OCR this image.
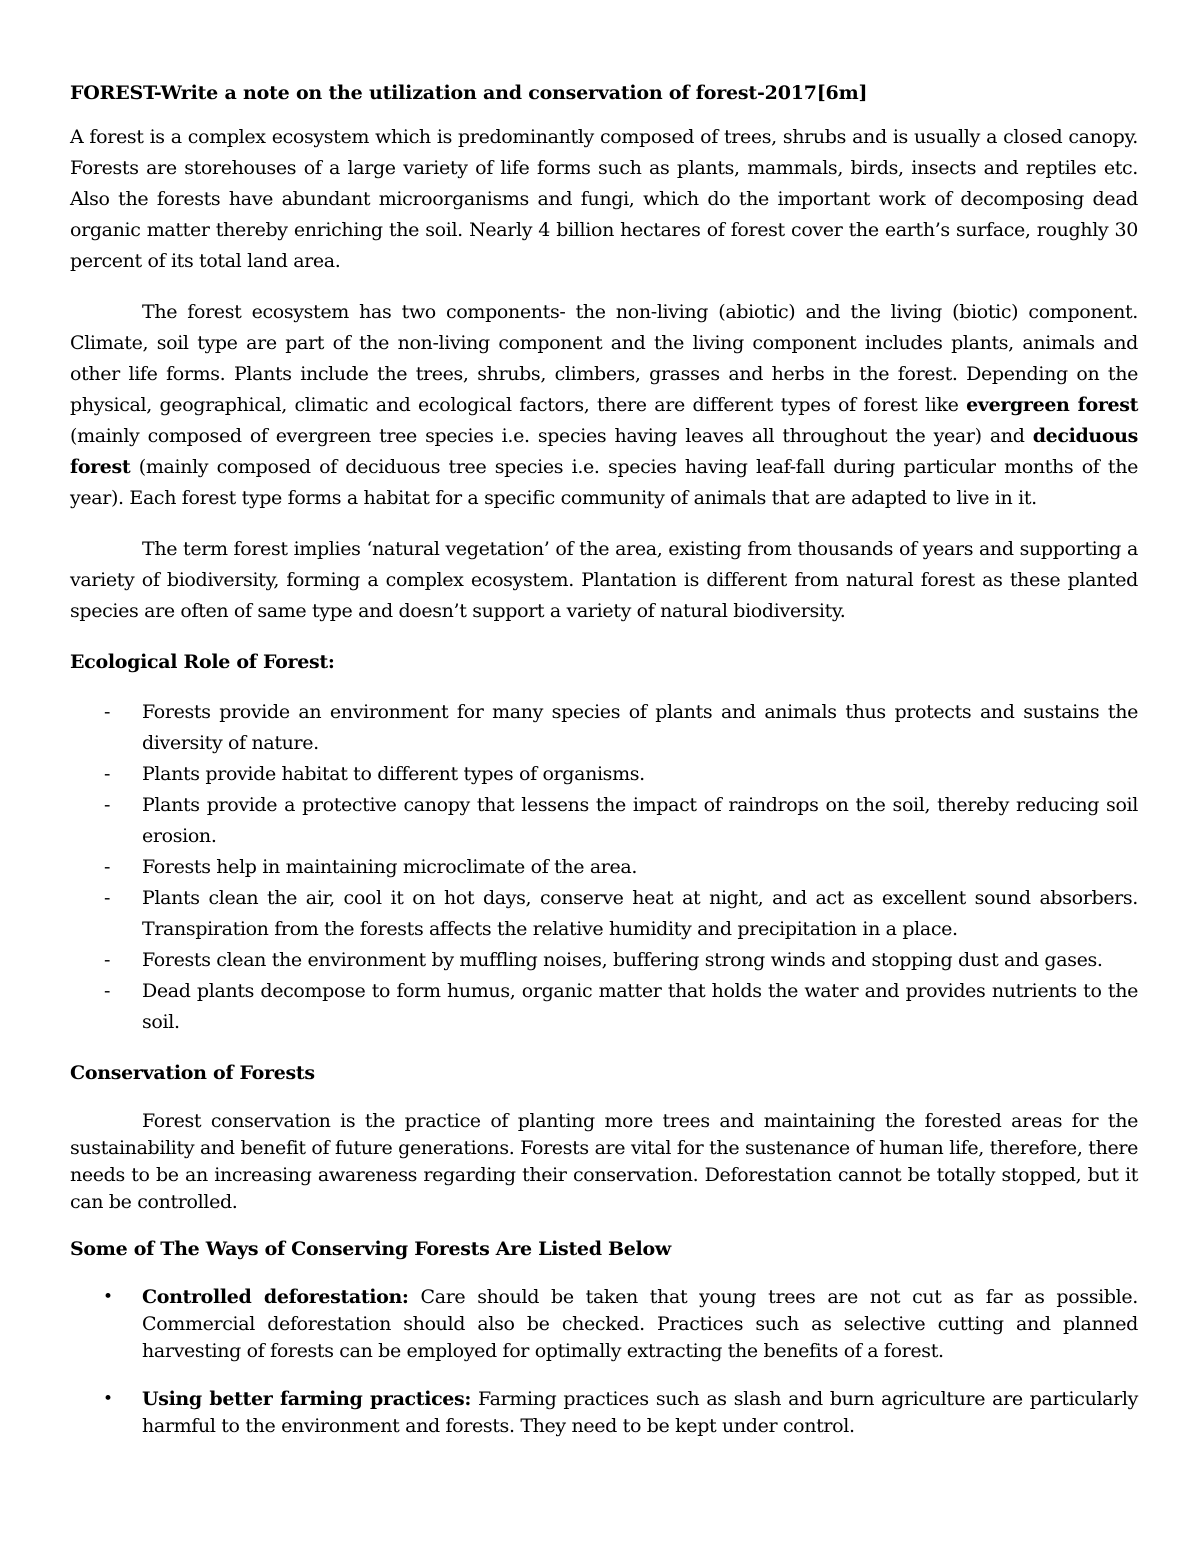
FOREST-Write a note on the utilization and conservation of forest-2017[6m]

A forest is a complex ecosystem which is predominantly composed of trees, shrubs and is usually a closed canopy. Forests are storehouses of a large variety of life forms such as plants, mammals, birds, insects and reptiles etc. Also the forests have abundant microorganisms and fungi, which do the important work of decomposing dead organic matter thereby enriching the soil. Nearly 4 billion hectares of forest cover the earth’s surface, roughly 30 percent of its total land area.

The forest ecosystem has two components- the non-living (abiotic) and the living (biotic) component. Climate, soil type are part of the non-living component and the living component includes plants, animals and other life forms. Plants include the trees, shrubs, climbers, grasses and herbs in the forest. Depending on the physical, geographical, climatic and ecological factors, there are different types of forest like evergreen forest (mainly composed of evergreen tree species i.e. species having leaves all throughout the year) and deciduous forest (mainly composed of deciduous tree species i.e. species having leaf-fall during particular months of the year). Each forest type forms a habitat for a specific community of animals that are adapted to live in it.

The term forest implies ‘natural vegetation’ of the area, existing from thousands of years and supporting a variety of biodiversity, forming a complex ecosystem. Plantation is different from natural forest as these planted species are often of same type and doesn’t support a variety of natural biodiversity.

Ecological Role of Forest:
- Forests provide an environment for many species of plants and animals thus protects and sustains the diversity of nature.
- Plants provide habitat to different types of organisms.
- Plants provide a protective canopy that lessens the impact of raindrops on the soil, thereby reducing soil erosion.
- Forests help in maintaining microclimate of the area.
- Plants clean the air, cool it on hot days, conserve heat at night, and act as excellent sound absorbers. Transpiration from the forests affects the relative humidity and precipitation in a place.
- Forests clean the environment by muffling noises, buffering strong winds and stopping dust and gases.
- Dead plants decompose to form humus, organic matter that holds the water and provides nutrients to the soil.
Conservation of Forests

Forest conservation is the practice of planting more trees and maintaining the forested areas for the sustainability and benefit of future generations. Forests are vital for the sustenance of human life, therefore, there needs to be an increasing awareness regarding their conservation. Deforestation cannot be totally stopped, but it can be controlled.

Some of The Ways of Conserving Forests Are Listed Below
• Controlled deforestation: Care should be taken that young trees are not cut as far as possible. Commercial deforestation should also be checked. Practices such as selective cutting and planned harvesting of forests can be employed for optimally extracting the benefits of a forest.
• Using better farming practices: Farming practices such as slash and burn agriculture are particularly harmful to the environment and forests. They need to be kept under control.
